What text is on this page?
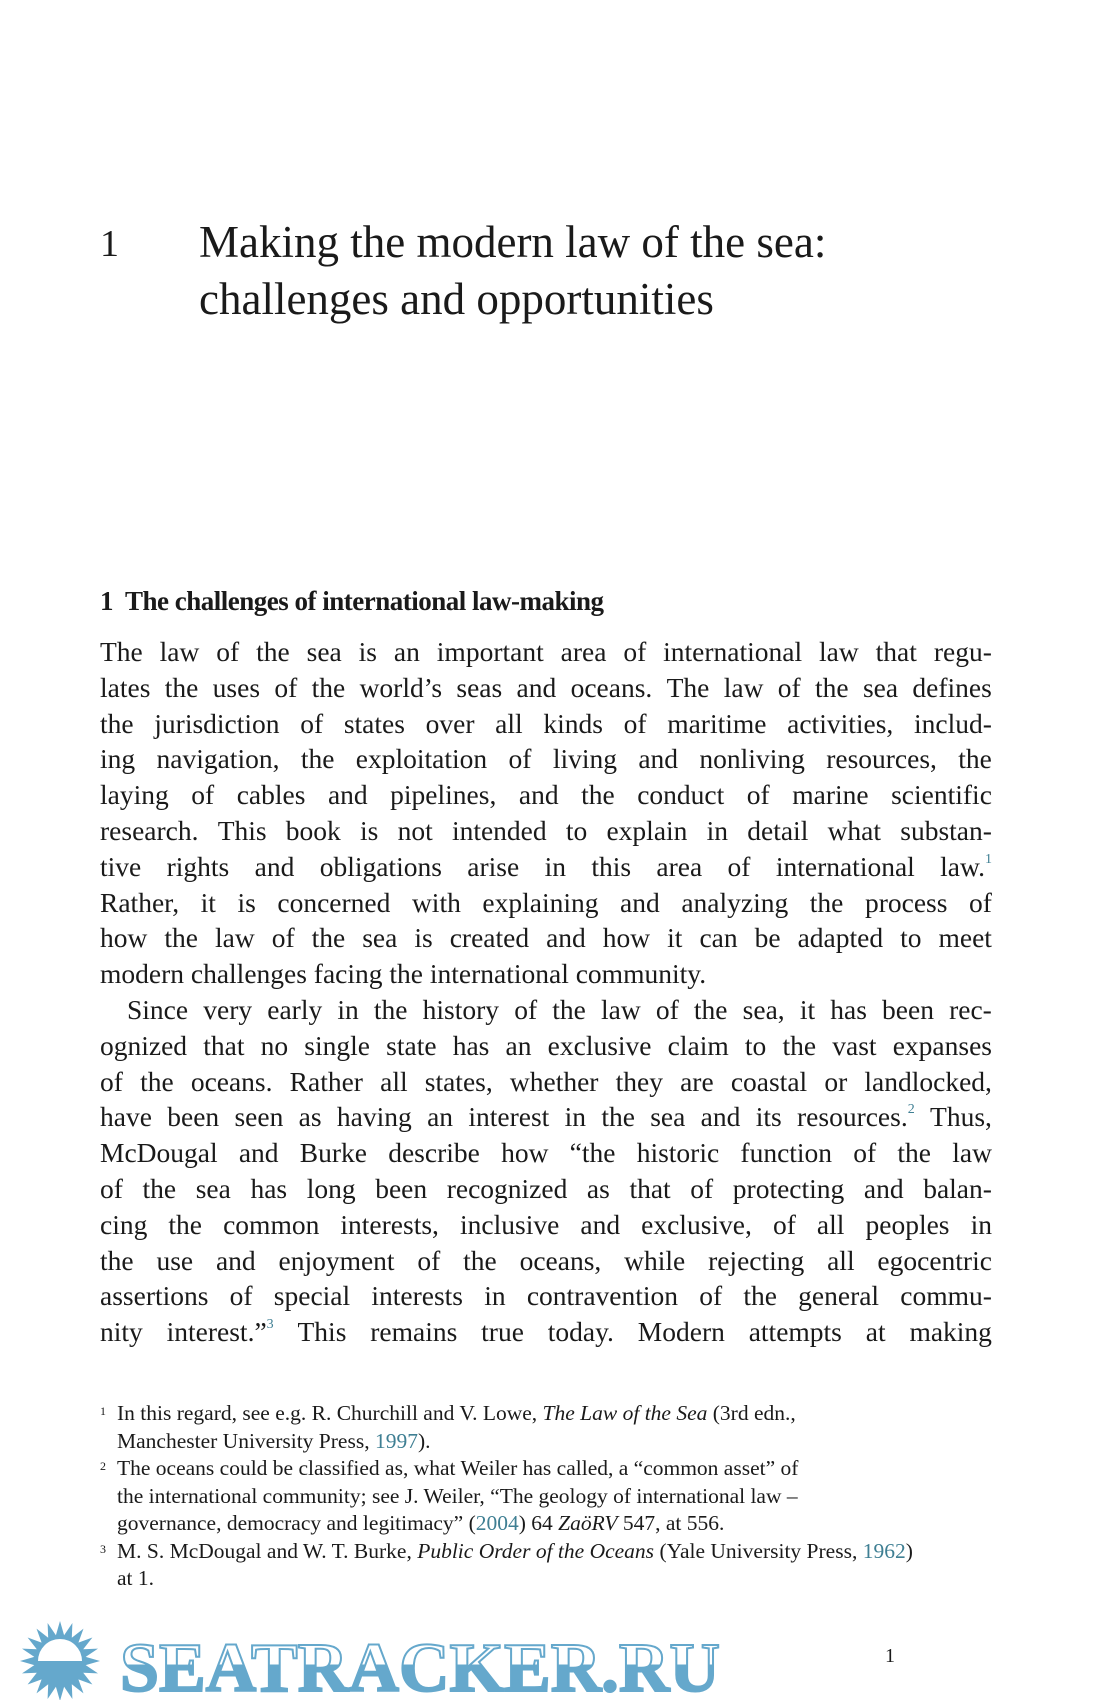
1 Making the modern law of the sea:
challenges and opportunities
1  The challenges of international law-making
The law of the sea is an important area of international law that regu-
lates the uses of the world’s seas and oceans. The law of the sea defines
the jurisdiction of states over all kinds of maritime activities, includ-
ing navigation, the exploitation of living and nonliving resources, the
laying of cables and pipelines, and the conduct of marine scientific
research. This book is not intended to explain in detail what substan-
tive rights and obligations arise in this area of international law.$^1$
Rather, it is concerned with explaining and analyzing the process of
how the law of the sea is created and how it can be adapted to meet
modern challenges facing the international community.
Since very early in the history of the law of the sea, it has been rec-
ognized that no single state has an exclusive claim to the vast expanses
of the oceans. Rather all states, whether they are coastal or landlocked,
have been seen as having an interest in the sea and its resources.$^2$ Thus,
McDougal and Burke describe how “the historic function of the law
of the sea has long been recognized as that of protecting and balan-
cing the common interests, inclusive and exclusive, of all peoples in
the use and enjoyment of the oceans, while rejecting all egocentric
assertions of special interests in contravention of the general commu-
nity interest.”$^3$ This remains true today. Modern attempts at making
1 In this regard, see e.g. R. Churchill and V. Lowe, The Law of the Sea (3rd edn.,
Manchester University Press, 1997).
2 The oceans could be classified as, what Weiler has called, a “common asset” of
the international community; see J. Weiler, “The geology of international law –
governance, democracy and legitimacy” (2004) 64 ZaöRV 547, at 556.
3 M. S. McDougal and W. T. Burke, Public Order of the Oceans (Yale University Press, 1962)
at 1.
SEATRACKER.RU	1
